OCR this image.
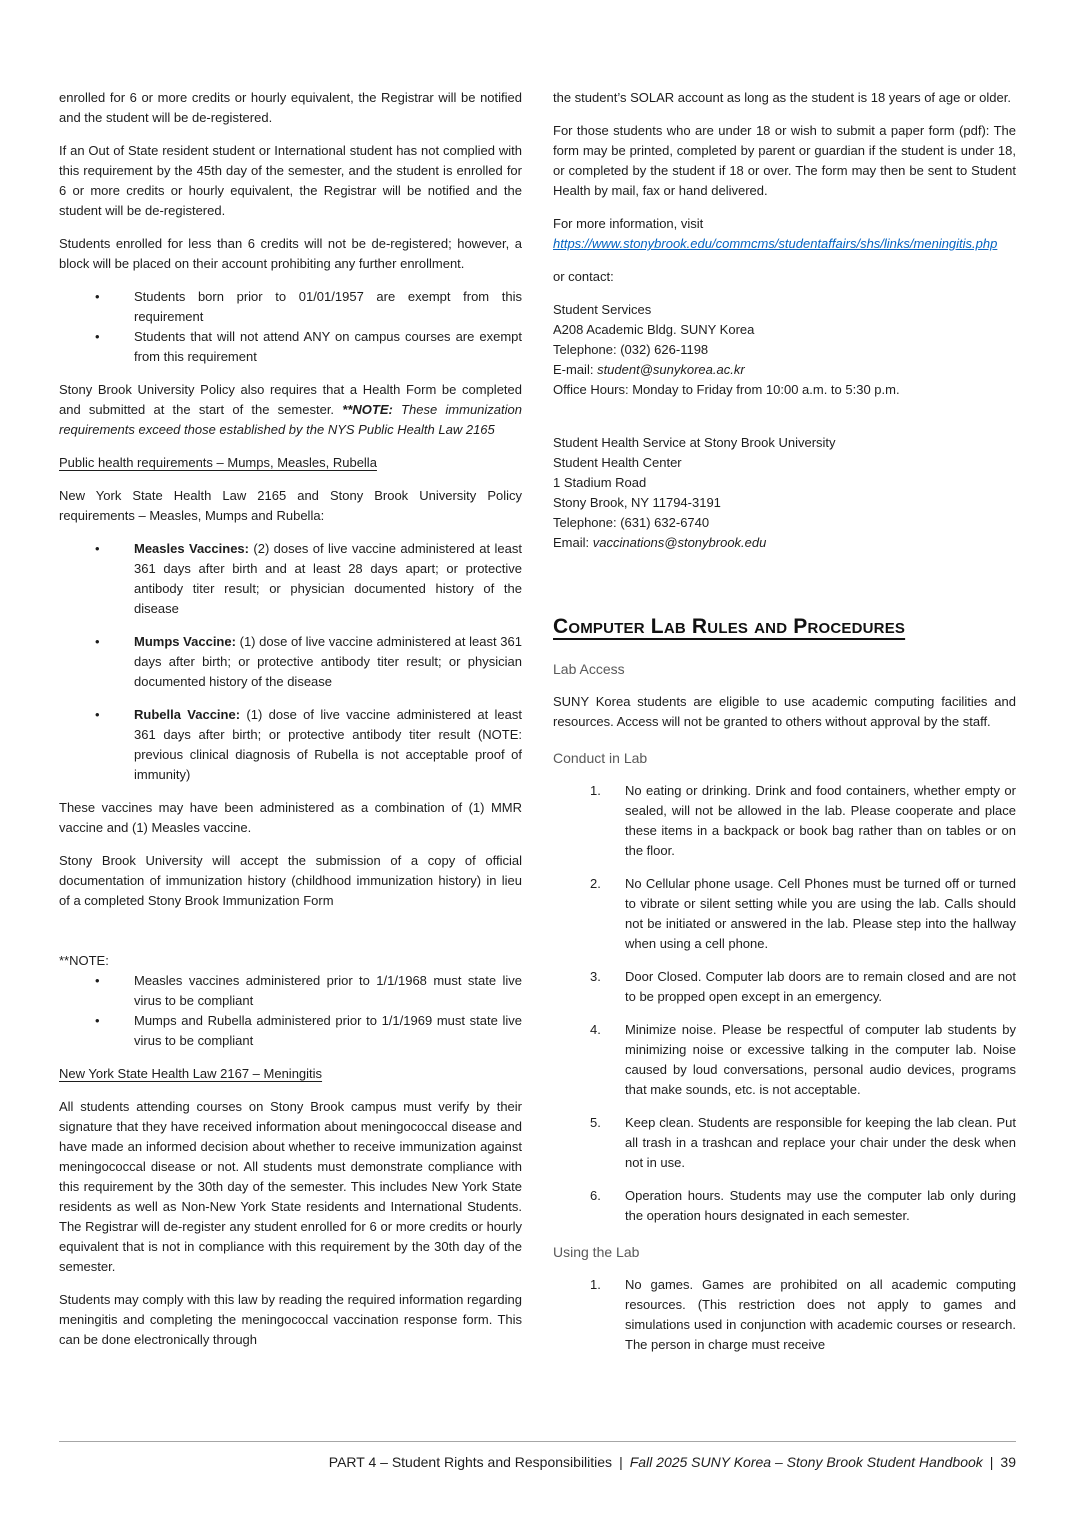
enrolled for 6 or more credits or hourly equivalent, the Registrar will be notified and the student will be de-registered.

If an Out of State resident student or International student has not complied with this requirement by the 45th day of the semester, and the student is enrolled for 6 or more credits or hourly equivalent, the Registrar will be notified and the student will be de-registered.

Students enrolled for less than 6 credits will not be de-registered; however, a block will be placed on their account prohibiting any further enrollment.

• Students born prior to 01/01/1957 are exempt from this requirement
• Students that will not attend ANY on campus courses are exempt from this requirement

Stony Brook University Policy also requires that a Health Form be completed and submitted at the start of the semester. **NOTE: These immunization requirements exceed those established by the NYS Public Health Law 2165

Public health requirements – Mumps, Measles, Rubella

New York State Health Law 2165 and Stony Brook University Policy requirements – Measles, Mumps and Rubella:

• Measles Vaccines: (2) doses of live vaccine administered at least 361 days after birth and at least 28 days apart; or protective antibody titer result; or physician documented history of the disease
• Mumps Vaccine: (1) dose of live vaccine administered at least 361 days after birth; or protective antibody titer result; or physician documented history of the disease
• Rubella Vaccine: (1) dose of live vaccine administered at least 361 days after birth; or protective antibody titer result (NOTE: previous clinical diagnosis of Rubella is not acceptable proof of immunity)

These vaccines may have been administered as a combination of (1) MMR vaccine and (1) Measles vaccine.

Stony Brook University will accept the submission of a copy of official documentation of immunization history (childhood immunization history) in lieu of a completed Stony Brook Immunization Form

**NOTE:

• Measles vaccines administered prior to 1/1/1968 must state live virus to be compliant
• Mumps and Rubella administered prior to 1/1/1969 must state live virus to be compliant

New York State Health Law 2167 – Meningitis

All students attending courses on Stony Brook campus must verify by their signature that they have received information about meningococcal disease and have made an informed decision about whether to receive immunization against meningococcal disease or not. All students must demonstrate compliance with this requirement by the 30th day of the semester. This includes New York State residents as well as Non-New York State residents and International Students. The Registrar will de-register any student enrolled for 6 or more credits or hourly equivalent that is not in compliance with this requirement by the 30th day of the semester.

Students may comply with this law by reading the required information regarding meningitis and completing the meningococcal vaccination response form. This can be done electronically through

the student’s SOLAR account as long as the student is 18 years of age or older.

For those students who are under 18 or wish to submit a paper form (pdf): The form may be printed, completed by parent or guardian if the student is under 18, or completed by the student if 18 or over. The form may then be sent to Student Health by mail, fax or hand delivered.

For more information, visit
https://www.stonybrook.edu/commcms/studentaffairs/shs/links/meningitis.php

or contact:

Student Services
A208 Academic Bldg. SUNY Korea
Telephone: (032) 626-1198
E-mail: student@sunykorea.ac.kr
Office Hours: Monday to Friday from 10:00 a.m. to 5:30 p.m.
Student Health Service at Stony Brook University
Student Health Center
1 Stadium Road
Stony Brook, NY 11794-3191
Telephone: (631) 632-6740
Email: vaccinations@stonybrook.edu
Computer Lab Rules and Procedures

Lab Access

SUNY Korea students are eligible to use academic computing facilities and resources. Access will not be granted to others without approval by the staff.

Conduct in Lab

No eating or drinking. Drink and food containers, whether empty or sealed, will not be allowed in the lab. Please cooperate and place these items in a backpack or book bag rather than on tables or on the floor.
No Cellular phone usage. Cell Phones must be turned off or turned to vibrate or silent setting while you are using the lab. Calls should not be initiated or answered in the lab. Please step into the hallway when using a cell phone.
Door Closed. Computer lab doors are to remain closed and are not to be propped open except in an emergency.
Minimize noise. Please be respectful of computer lab students by minimizing noise or excessive talking in the computer lab. Noise caused by loud conversations, personal audio devices, programs that make sounds, etc. is not acceptable.
Keep clean. Students are responsible for keeping the lab clean. Put all trash in a trashcan and replace your chair under the desk when not in use.
Operation hours. Students may use the computer lab only during the operation hours designated in each semester.

Using the Lab

No games. Games are prohibited on all academic computing resources. (This restriction does not apply to games and simulations used in conjunction with academic courses or research. The person in charge must receive
PART 4 – Student Rights and Responsibilities | Fall 2025 SUNY Korea – Stony Brook Student Handbook | 39
